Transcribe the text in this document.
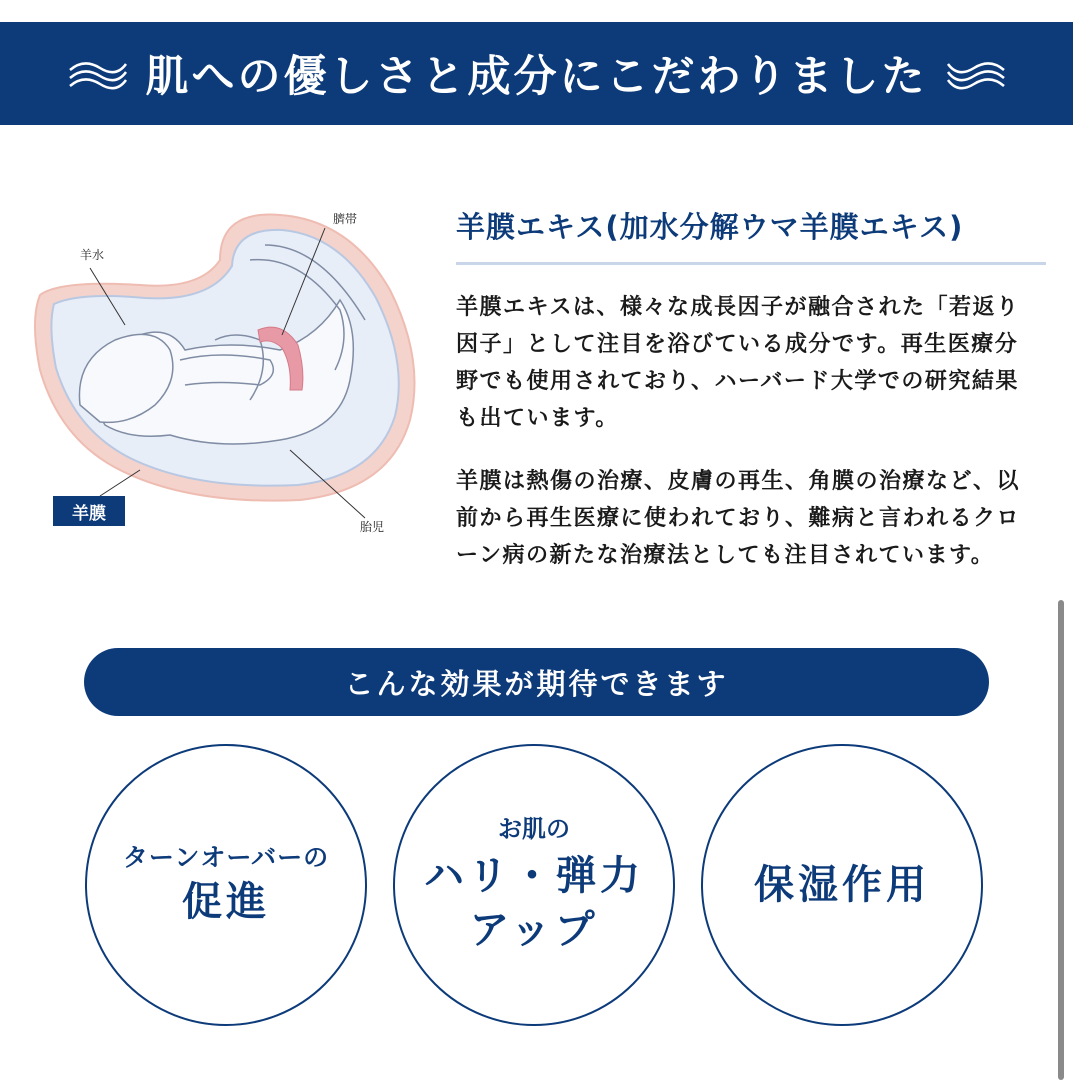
肌への優しさと成分にこだわりました
羊水
臍帯
胎児
羊膜
羊膜エキス(加水分解ウマ羊膜エキス)

羊膜エキスは、様々な成長因子が融合された「若返り因子」として注目を浴びている成分です。再生医療分野でも使用されており、ハーバード大学での研究結果も出ています。

羊膜は熱傷の治療、皮膚の再生、角膜の治療など、以前から再生医療に使われており、難病と言われるクローン病の新たな治療法としても注目されています。

こんな効果が期待できます
ターンオーバーの
促進
お肌の
ハリ・弾力
アップ
保湿作用
